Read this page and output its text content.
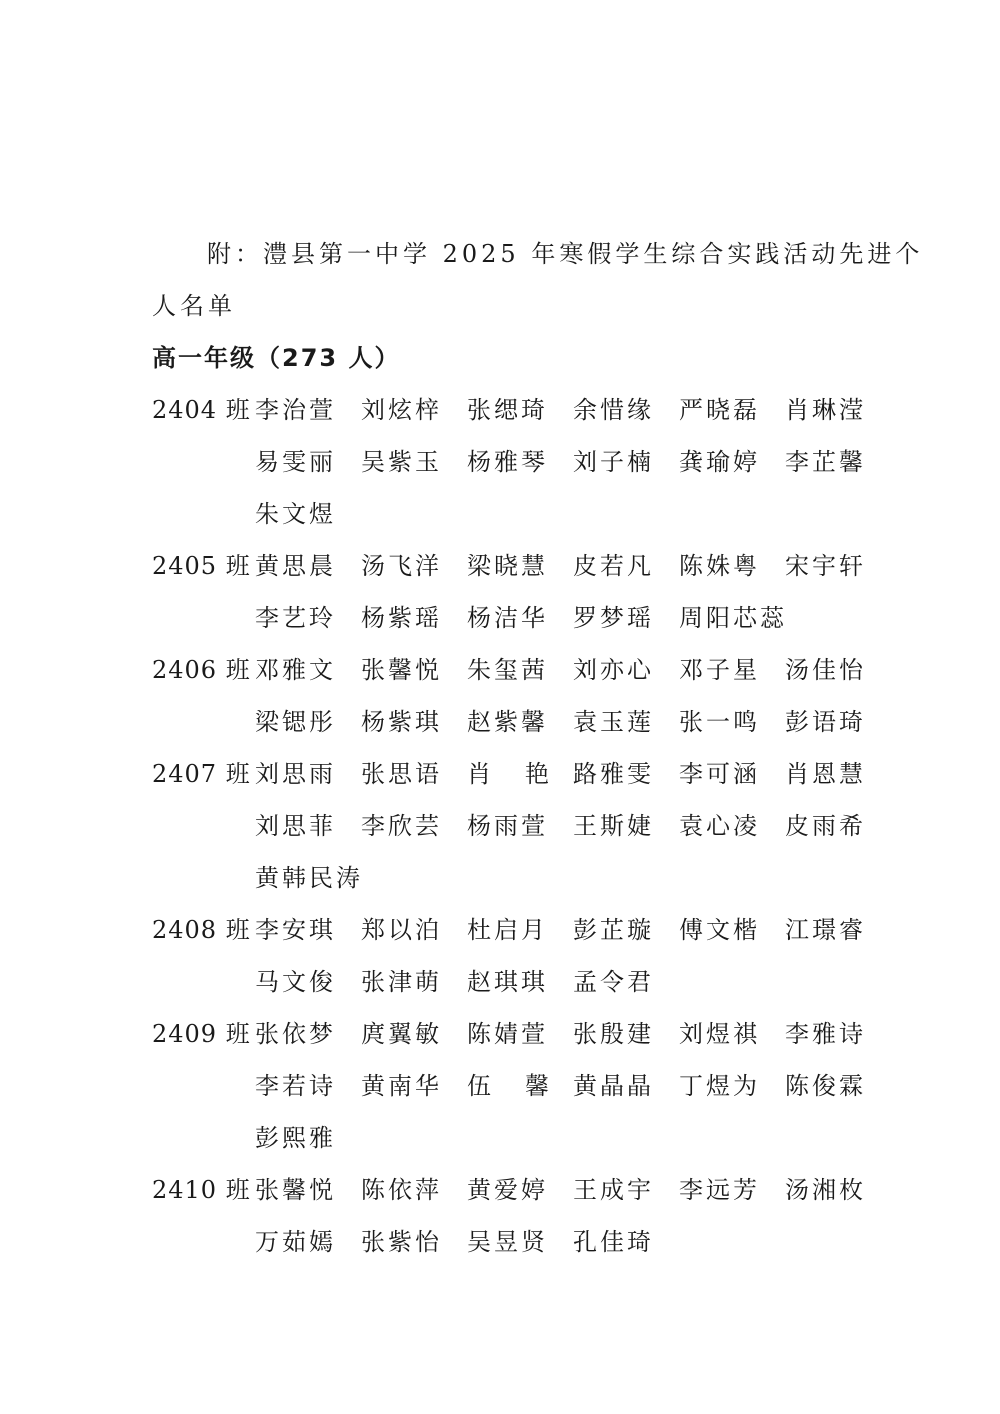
附：澧县第一中学 2025 年寒假学生综合实践活动先进个
人名单
高一年级（273 人）
2404 班 李治萱	刘炫梓	张缌琦	余惜缘	严晓磊	肖琳滢
易雯丽	吴紫玉	杨雅琴	刘子楠	龚瑜婷	李芷馨
朱文煜
2405 班 黄思晨	汤飞洋	梁晓慧	皮若凡	陈姝粤	宋宇轩
李艺玲	杨紫瑶	杨洁华	罗梦瑶	周阳芯蕊
2406 班 邓雅文	张馨悦	朱玺茜	刘亦心	邓子星	汤佳怡
梁锶彤	杨紫琪	赵紫馨	袁玉莲	张一鸣	彭语琦
2407 班 刘思雨	张思语	肖 艳 路雅雯	李可涵	肖恩慧
刘思菲	李欣芸	杨雨萱	王斯婕	袁心凌	皮雨希
黄韩民涛
2408 班 李安琪	郑以泊	杜启月	彭芷璇	傅文楷	江璟睿
马文俊	张津萌	赵琪琪	孟令君
2409 班 张依梦	庹翼敏	陈婧萱	张殷建	刘煜祺	李雅诗
李若诗	黄南华	伍 馨 黄晶晶	丁煜为	陈俊霖
彭熙雅
2410 班 张馨悦	陈依萍	黄爱婷	王成宇	李远芳	汤湘枚
万茹嫣	张紫怡	吴昱贤	孔佳琦
